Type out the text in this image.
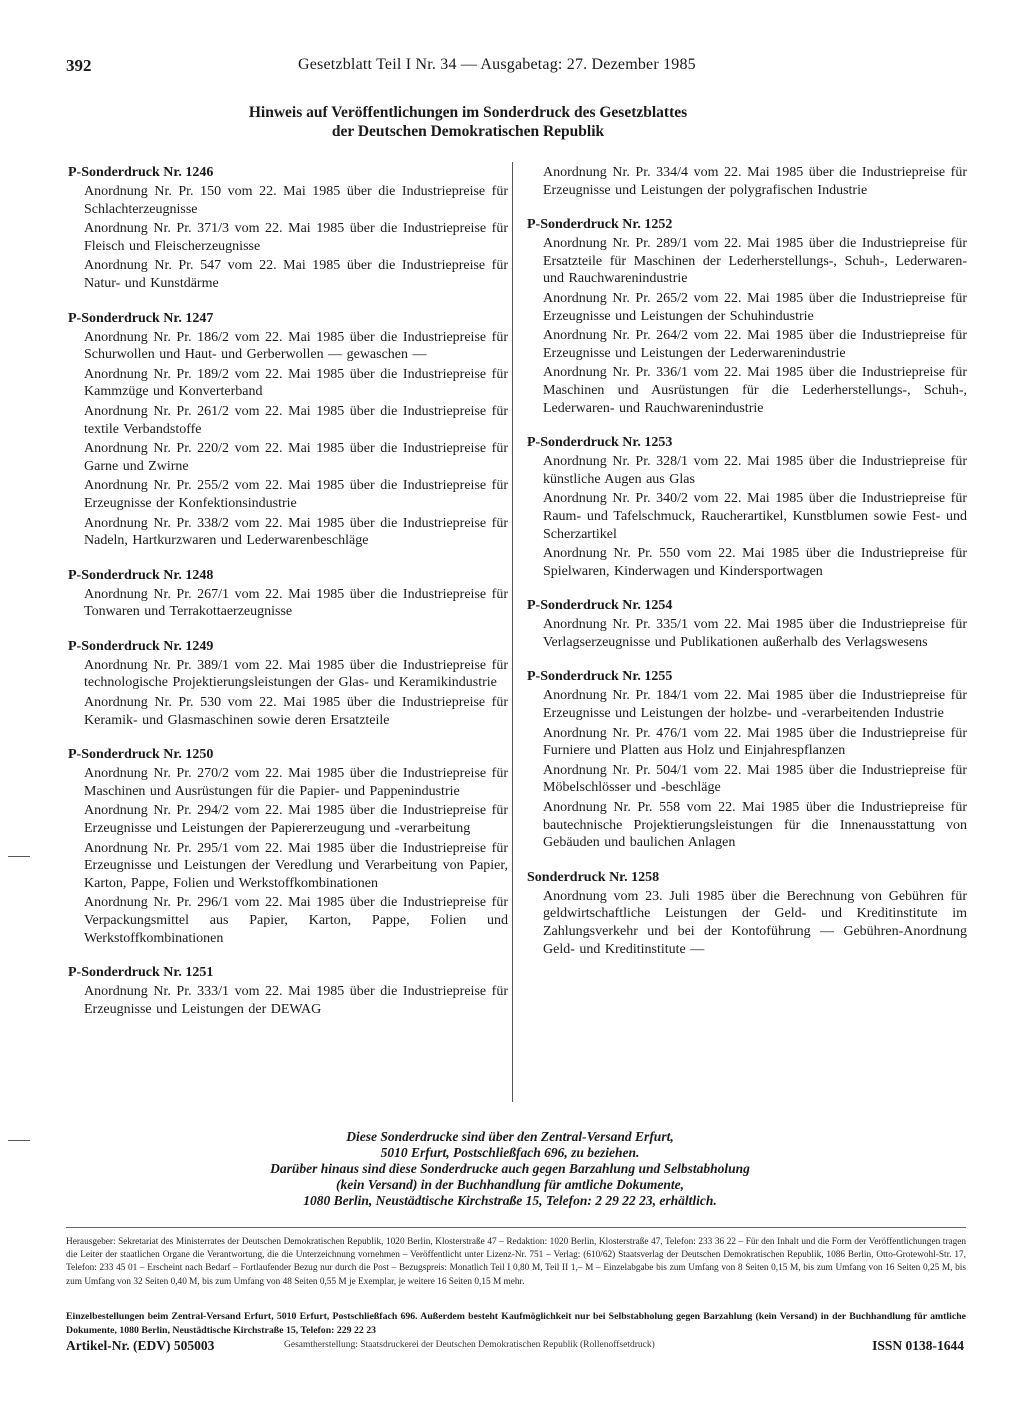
392	Gesetzblatt Teil I Nr. 34 — Ausgabetag: 27. Dezember 1985
Hinweis auf Veröffentlichungen im Sonderdruck des Gesetzblattes
der Deutschen Demokratischen Republik
P-Sonderdruck Nr. 1246
Anordnung Nr. Pr. 150 vom 22. Mai 1985 über die Industriepreise für Schlachterzeugnisse
Anordnung Nr. Pr. 371/3 vom 22. Mai 1985 über die Industriepreise für Fleisch und Fleischerzeugnisse
Anordnung Nr. Pr. 547 vom 22. Mai 1985 über die Industriepreise für Natur- und Kunstdärme
P-Sonderdruck Nr. 1247
Anordnung Nr. Pr. 186/2 vom 22. Mai 1985 über die Industriepreise für Schurwollen und Haut- und Gerberwollen — gewaschen —
Anordnung Nr. Pr. 189/2 vom 22. Mai 1985 über die Industriepreise für Kammzüge und Konverterband
Anordnung Nr. Pr. 261/2 vom 22. Mai 1985 über die Industriepreise für textile Verbandstoffe
Anordnung Nr. Pr. 220/2 vom 22. Mai 1985 über die Industriepreise für Garne und Zwirne
Anordnung Nr. Pr. 255/2 vom 22. Mai 1985 über die Industriepreise für Erzeugnisse der Konfektionsindustrie
Anordnung Nr. Pr. 338/2 vom 22. Mai 1985 über die Industriepreise für Nadeln, Hartkurzwaren und Lederwarenbeschläge
P-Sonderdruck Nr. 1248
Anordnung Nr. Pr. 267/1 vom 22. Mai 1985 über die Industriepreise für Tonwaren und Terrakottaerzeugnisse
P-Sonderdruck Nr. 1249
Anordnung Nr. Pr. 389/1 vom 22. Mai 1985 über die Industriepreise für technologische Projektierungsleistungen der Glas- und Keramikindustrie
Anordnung Nr. Pr. 530 vom 22. Mai 1985 über die Industriepreise für Keramik- und Glasmaschinen sowie deren Ersatzteile
P-Sonderdruck Nr. 1250
Anordnung Nr. Pr. 270/2 vom 22. Mai 1985 über die Industriepreise für Maschinen und Ausrüstungen für die Papier- und Pappenindustrie
Anordnung Nr. Pr. 294/2 vom 22. Mai 1985 über die Industriepreise für Erzeugnisse und Leistungen der Papiererzeugung und -verarbeitung
Anordnung Nr. Pr. 295/1 vom 22. Mai 1985 über die Industriepreise für Erzeugnisse und Leistungen der Veredlung und Verarbeitung von Papier, Karton, Pappe, Folien und Werkstoffkombinationen
Anordnung Nr. Pr. 296/1 vom 22. Mai 1985 über die Industriepreise für Verpackungsmittel aus Papier, Karton, Pappe, Folien und Werkstoffkombinationen
P-Sonderdruck Nr. 1251
Anordnung Nr. Pr. 333/1 vom 22. Mai 1985 über die Industriepreise für Erzeugnisse und Leistungen der DEWAG
Anordnung Nr. Pr. 334/4 vom 22. Mai 1985 über die Industriepreise für Erzeugnisse und Leistungen der polygrafischen Industrie
P-Sonderdruck Nr. 1252
Anordnung Nr. Pr. 289/1 vom 22. Mai 1985 über die Industriepreise für Ersatzteile für Maschinen der Lederherstellungs-, Schuh-, Lederwaren- und Rauchwarenindustrie
Anordnung Nr. Pr. 265/2 vom 22. Mai 1985 über die Industriepreise für Erzeugnisse und Leistungen der Schuhindustrie
Anordnung Nr. Pr. 264/2 vom 22. Mai 1985 über die Industriepreise für Erzeugnisse und Leistungen der Lederwarenindustrie
Anordnung Nr. Pr. 336/1 vom 22. Mai 1985 über die Industriepreise für Maschinen und Ausrüstungen für die Lederherstellungs-, Schuh-, Lederwaren- und Rauchwarenindustrie
P-Sonderdruck Nr. 1253
Anordnung Nr. Pr. 328/1 vom 22. Mai 1985 über die Industriepreise für künstliche Augen aus Glas
Anordnung Nr. Pr. 340/2 vom 22. Mai 1985 über die Industriepreise für Raum- und Tafelschmuck, Raucherartikel, Kunstblumen sowie Fest- und Scherzartikel
Anordnung Nr. Pr. 550 vom 22. Mai 1985 über die Industriepreise für Spielwaren, Kinderwagen und Kindersportwagen
P-Sonderdruck Nr. 1254
Anordnung Nr. Pr. 335/1 vom 22. Mai 1985 über die Industriepreise für Verlagserzeugnisse und Publikationen außerhalb des Verlagswesens
P-Sonderdruck Nr. 1255
Anordnung Nr. Pr. 184/1 vom 22. Mai 1985 über die Industriepreise für Erzeugnisse und Leistungen der holzbe- und -verarbeitenden Industrie
Anordnung Nr. Pr. 476/1 vom 22. Mai 1985 über die Industriepreise für Furniere und Platten aus Holz und Einjahrespflanzen
Anordnung Nr. Pr. 504/1 vom 22. Mai 1985 über die Industriepreise für Möbelschlösser und -beschläge
Anordnung Nr. Pr. 558 vom 22. Mai 1985 über die Industriepreise für bautechnische Projektierungsleistungen für die Innenausstattung von Gebäuden und baulichen Anlagen
Sonderdruck Nr. 1258
Anordnung vom 23. Juli 1985 über die Berechnung von Gebühren für geldwirtschaftliche Leistungen der Geld- und Kreditinstitute im Zahlungsverkehr und bei der Kontoführung — Gebühren-Anordnung Geld- und Kreditinstitute —
Diese Sonderdrucke sind über den Zentral-Versand Erfurt,
5010 Erfurt, Postschließfach 696, zu beziehen.
Darüber hinaus sind diese Sonderdrucke auch gegen Barzahlung und Selbstabholung
(kein Versand) in der Buchhandlung für amtliche Dokumente,
1080 Berlin, Neustädtische Kirchstraße 15, Telefon: 2 29 22 23, erhältlich.
Herausgeber: Sekretariat des Ministerrates der Deutschen Demokratischen Republik, 1020 Berlin, Klosterstraße 47 – Redaktion: 1020 Berlin, Klosterstraße 47, Telefon: 233 36 22 – Für den Inhalt und die Form der Veröffentlichungen tragen die Leiter der staatlichen Organe die Verantwortung, die die Unterzeichnung vornehmen – Veröffentlicht unter Lizenz-Nr. 751 – Verlag: (610/62) Staatsverlag der Deutschen Demokratischen Republik, 1086 Berlin, Otto-Grotewohl-Str. 17, Telefon: 233 45 01 – Erscheint nach Bedarf – Fortlaufender Bezug nur durch die Post – Bezugspreis: Monatlich Teil I 0,80 M, Teil II 1,– M – Einzelabgabe bis zum Umfang von 8 Seiten 0,15 M, bis zum Umfang von 16 Seiten 0,25 M, bis zum Umfang von 32 Seiten 0,40 M, bis zum Umfang von 48 Seiten 0,55 M je Exemplar, je weitere 16 Seiten 0,15 M mehr.
Einzelbestellungen beim Zentral-Versand Erfurt, 5010 Erfurt, Postschließfach 696. Außerdem besteht Kaufmöglichkeit nur bei Selbstabholung gegen Barzahlung (kein Versand) in der Buchhandlung für amtliche Dokumente, 1080 Berlin, Neustädtische Kirchstraße 15, Telefon: 229 22 23
Artikel-Nr. (EDV) 505003	Gesamtherstellung: Staatsdruckerei der Deutschen Demokratischen Republik (Rollenoffsetdruck)	ISSN 0138-1644
